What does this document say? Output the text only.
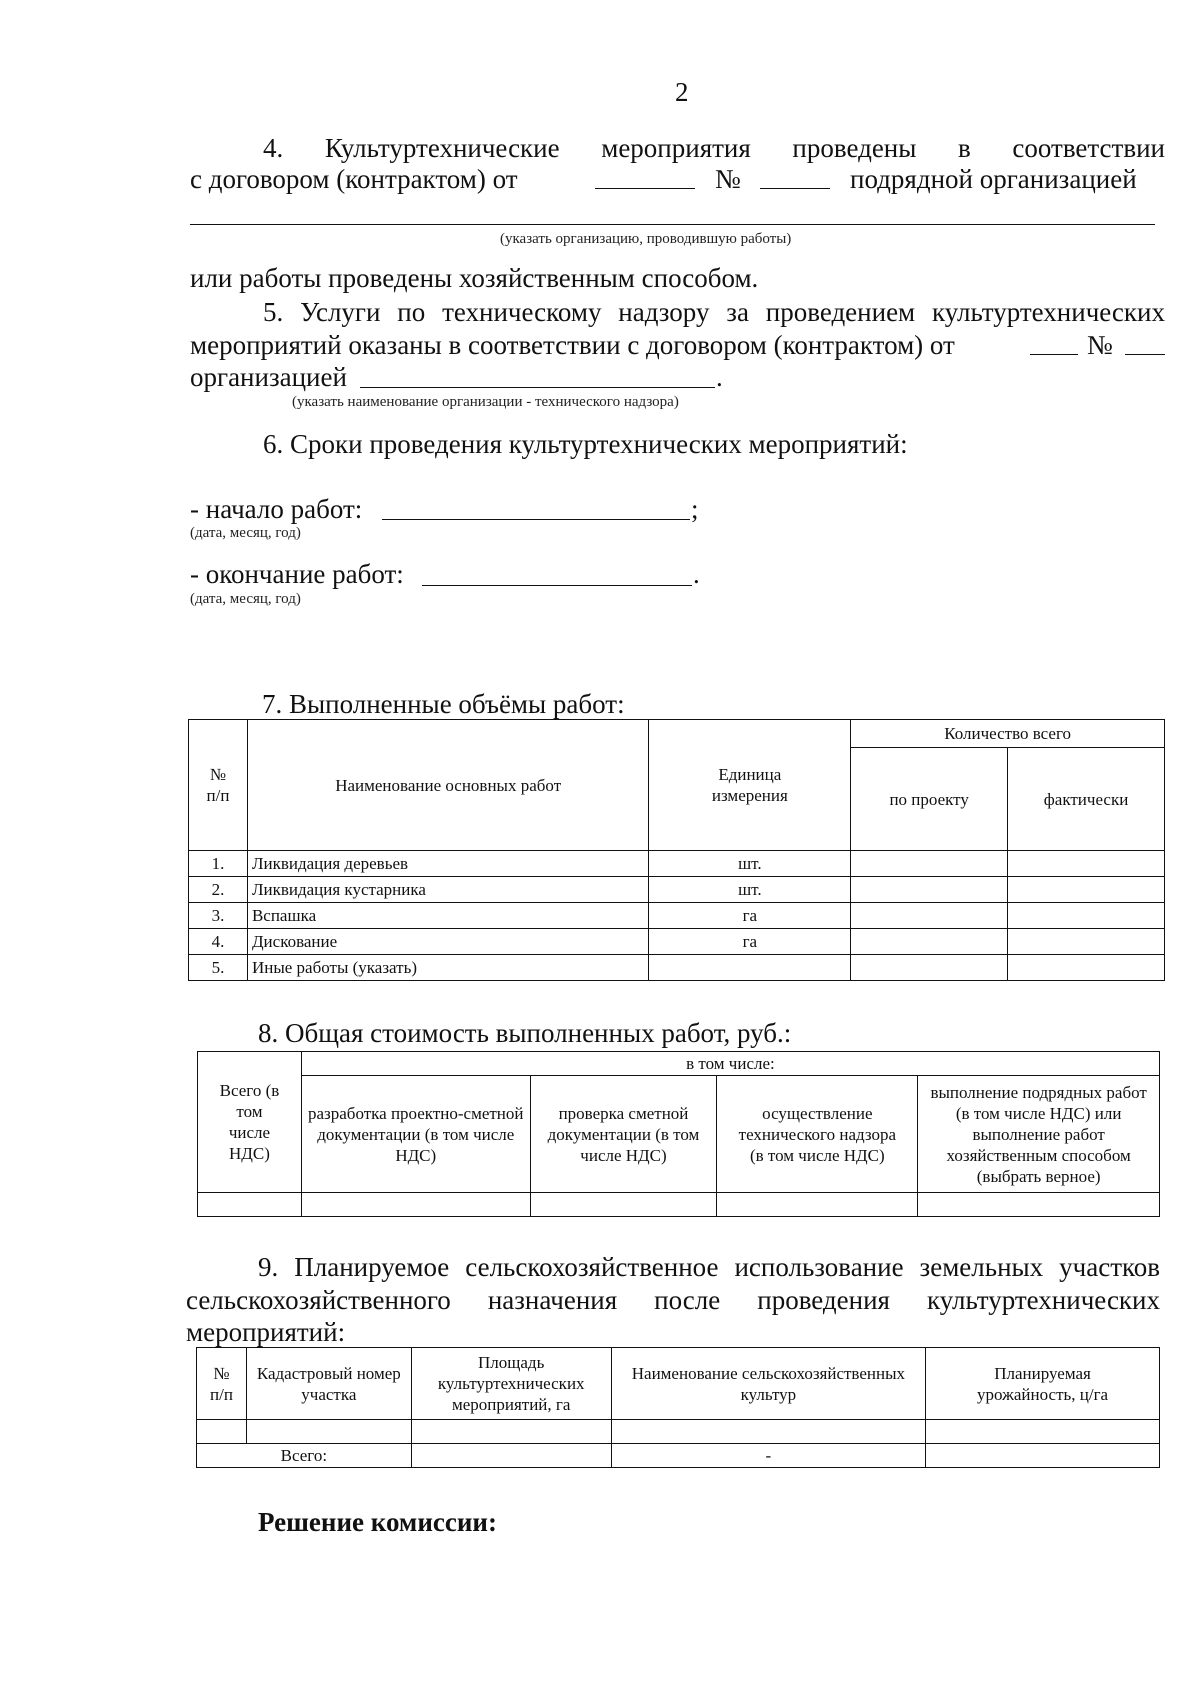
2
4. Культуртехнические мероприятия проведены в соответствии
с договором (контрактом) от	№	подрядной организацией
(указать организацию, проводившую работы)
или работы проведены хозяйственным способом.
5. Услуги по техническому надзору за проведением культуртехнических
мероприятий оказаны в соответствии с договором (контрактом) от	№
организацией	.
(указать наименование организации - технического надзора)
6. Сроки проведения культуртехнических мероприятий:
- начало работ:	;
(дата, месяц, год)
- окончание работ:	.
(дата, месяц, год)
7. Выполненные объёмы работ:
№ п/п	Наименование основных работ	Единица измерения	Количество всего	
			по проекту	фактически
1.	Ликвидация деревьев	шт.		
2.	Ликвидация кустарника	шт.		
3.	Вспашка	га		
4.	Дискование	га		
5.	Иные работы (указать)			
8. Общая стоимость выполненных работ, руб.:
Всего (в том числе НДС)	в том числе:			
	разработка проектно-сметной документации (в том числе НДС)	проверка сметной документации (в том числе НДС)	осуществление технического надзора (в том числе НДС)	выполнение подрядных работ (в том числе НДС) или выполнение работ хозяйственным способом (выбрать верное)

9. Планируемое сельскохозяйственное использование земельных участков
сельскохозяйственного назначения после проведения культуртехнических
мероприятий:
№ п/п	Кадастровый номер участка	Площадь культуртехнических мероприятий, га	Наименование сельскохозяйственных культур	Планируемая урожайность, ц/га

Всего:			-	
Решение комиссии:
